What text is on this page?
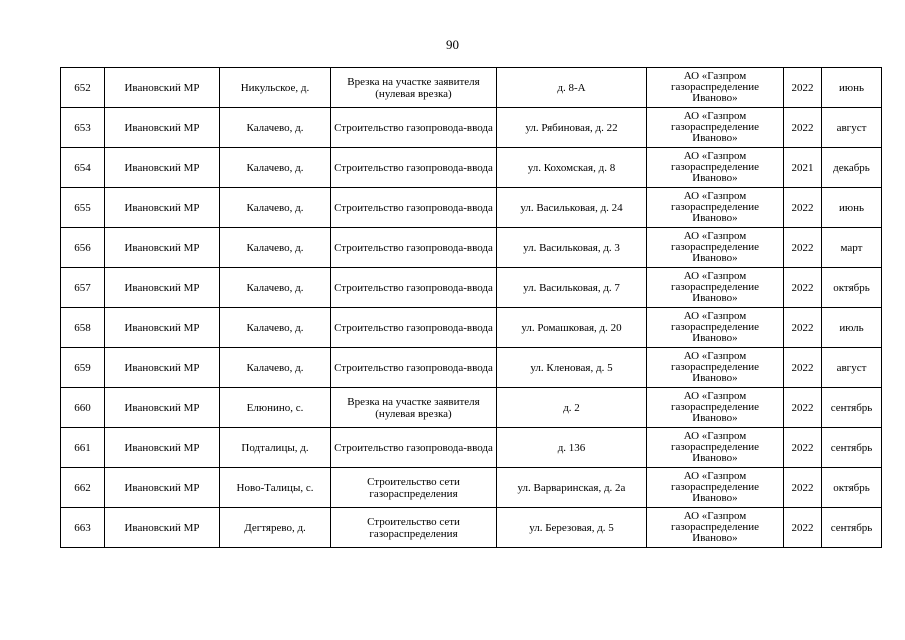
90
652	Ивановский МР	Никульское, д.	Врезка на участке заявителя (нулевая врезка)	д. 8-А	АО «Газпром газораспределение Иваново»	2022	июнь
653	Ивановский МР	Калачево, д.	Строительство газопровода-ввода	ул. Рябиновая, д. 22	АО «Газпром газораспределение Иваново»	2022	август
654	Ивановский МР	Калачево, д.	Строительство газопровода-ввода	ул. Кохомская, д. 8	АО «Газпром газораспределение Иваново»	2021	декабрь
655	Ивановский МР	Калачево, д.	Строительство газопровода-ввода	ул. Васильковая, д. 24	АО «Газпром газораспределение Иваново»	2022	июнь
656	Ивановский МР	Калачево, д.	Строительство газопровода-ввода	ул. Васильковая, д. 3	АО «Газпром газораспределение Иваново»	2022	март
657	Ивановский МР	Калачево, д.	Строительство газопровода-ввода	ул. Васильковая, д. 7	АО «Газпром газораспределение Иваново»	2022	октябрь
658	Ивановский МР	Калачево, д.	Строительство газопровода-ввода	ул. Ромашковая, д. 20	АО «Газпром газораспределение Иваново»	2022	июль
659	Ивановский МР	Калачево, д.	Строительство газопровода-ввода	ул. Кленовая, д. 5	АО «Газпром газораспределение Иваново»	2022	август
660	Ивановский МР	Елюнино, с.	Врезка на участке заявителя (нулевая врезка)	д. 2	АО «Газпром газораспределение Иваново»	2022	сентябрь
661	Ивановский МР	Подталицы, д.	Строительство газопровода-ввода	д. 136	АО «Газпром газораспределение Иваново»	2022	сентябрь
662	Ивановский МР	Ново-Талицы, с.	Строительство сети газораспределения	ул. Варваринская, д. 2а	АО «Газпром газораспределение Иваново»	2022	октябрь
663	Ивановский МР	Дегтярево, д.	Строительство сети газораспределения	ул. Березовая, д. 5	АО «Газпром газораспределение Иваново»	2022	сентябрь
